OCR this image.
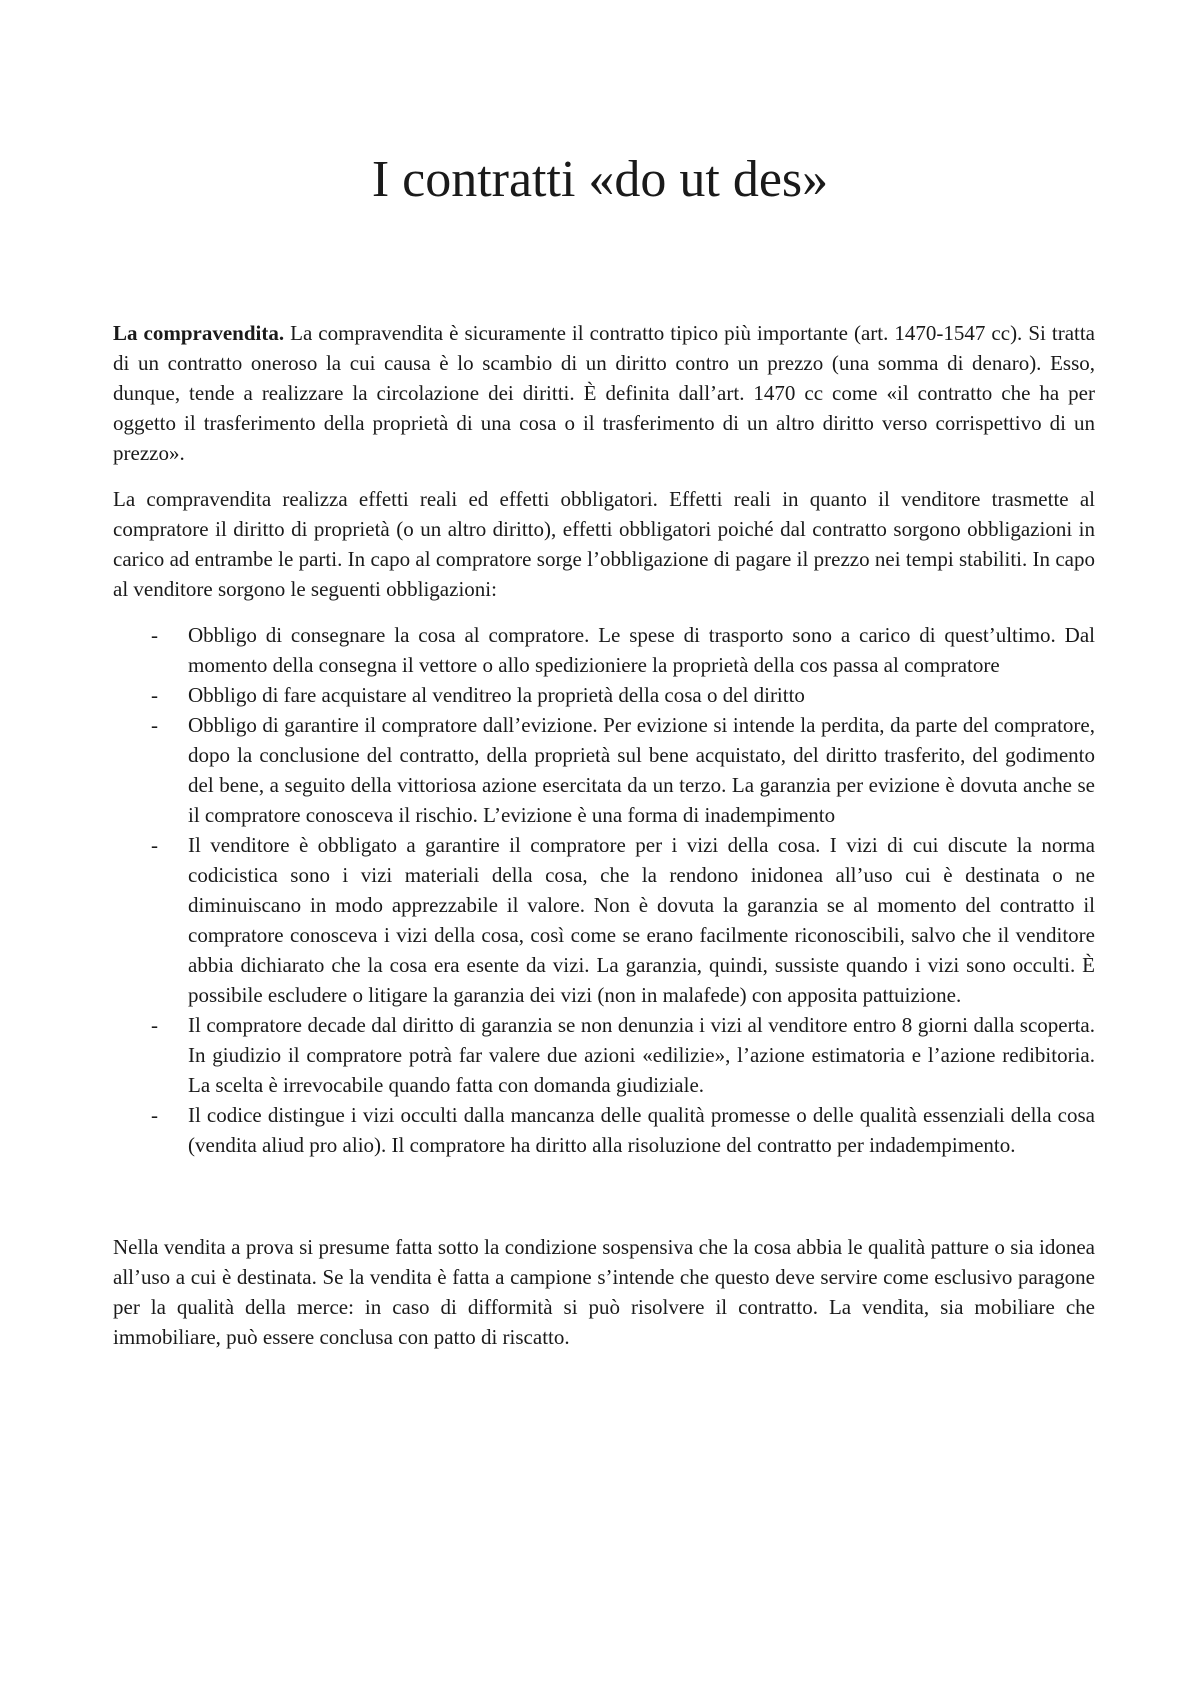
I contratti «do ut des»

La compravendita. La compravendita è sicuramente il contratto tipico più importante (art. 1470-1547 cc). Si tratta di un contratto oneroso la cui causa è lo scambio di un diritto contro un prezzo (una somma di denaro). Esso, dunque, tende a realizzare la circolazione dei diritti. È definita dall’art. 1470 cc come «il contratto che ha per oggetto il trasferimento della proprietà di una cosa o il trasferimento di un altro diritto verso corrispettivo di un prezzo».

La compravendita realizza effetti reali ed effetti obbligatori. Effetti reali in quanto il venditore trasmette al compratore il diritto di proprietà (o un altro diritto), effetti obbligatori poiché dal contratto sorgono obbligazioni in carico ad entrambe le parti. In capo al compratore sorge l’obbligazione di pagare il prezzo nei tempi stabiliti. In capo al venditore sorgono le seguenti obbligazioni:

- Obbligo di consegnare la cosa al compratore. Le spese di trasporto sono a carico di quest’ultimo. Dal momento della consegna il vettore o allo spedizioniere la proprietà della cos passa al compratore
- Obbligo di fare acquistare al venditreo la proprietà della cosa o del diritto
- Obbligo di garantire il compratore dall’evizione. Per evizione si intende la perdita, da parte del compratore, dopo la conclusione del contratto, della proprietà sul bene acquistato, del diritto trasferito, del godimento del bene, a seguito della vittoriosa azione esercitata da un terzo. La garanzia per evizione è dovuta anche se il compratore conosceva il rischio. L’evizione è una forma di inadempimento
- Il venditore è obbligato a garantire il compratore per i vizi della cosa. I vizi di cui discute la norma codicistica sono i vizi materiali della cosa, che la rendono inidonea all’uso cui è destinata o ne diminuiscano in modo apprezzabile il valore. Non è dovuta la garanzia se al momento del contratto il compratore conosceva i vizi della cosa, così come se erano facilmente riconoscibili, salvo che il venditore abbia dichiarato che la cosa era esente da vizi. La garanzia, quindi, sussiste quando i vizi sono occulti. È possibile escludere o litigare la garanzia dei vizi (non in malafede) con apposita pattuizione.
- Il compratore decade dal diritto di garanzia se non denunzia i vizi al venditore entro 8 giorni dalla scoperta. In giudizio il compratore potrà far valere due azioni «edilizie», l’azione estimatoria e l’azione redibitoria. La scelta è irrevocabile quando fatta con domanda giudiziale.
- Il codice distingue i vizi occulti dalla mancanza delle qualità promesse o delle qualità essenziali della cosa (vendita aliud pro alio). Il compratore ha diritto alla risoluzione del contratto per indadempimento.

Nella vendita a prova si presume fatta sotto la condizione sospensiva che la cosa abbia le qualità patture o sia idonea all’uso a cui è destinata. Se la vendita è fatta a campione s’intende che questo deve servire come esclusivo paragone per la qualità della merce: in caso di difformità si può risolvere il contratto. La vendita, sia mobiliare che immobiliare, può essere conclusa con patto di riscatto.
